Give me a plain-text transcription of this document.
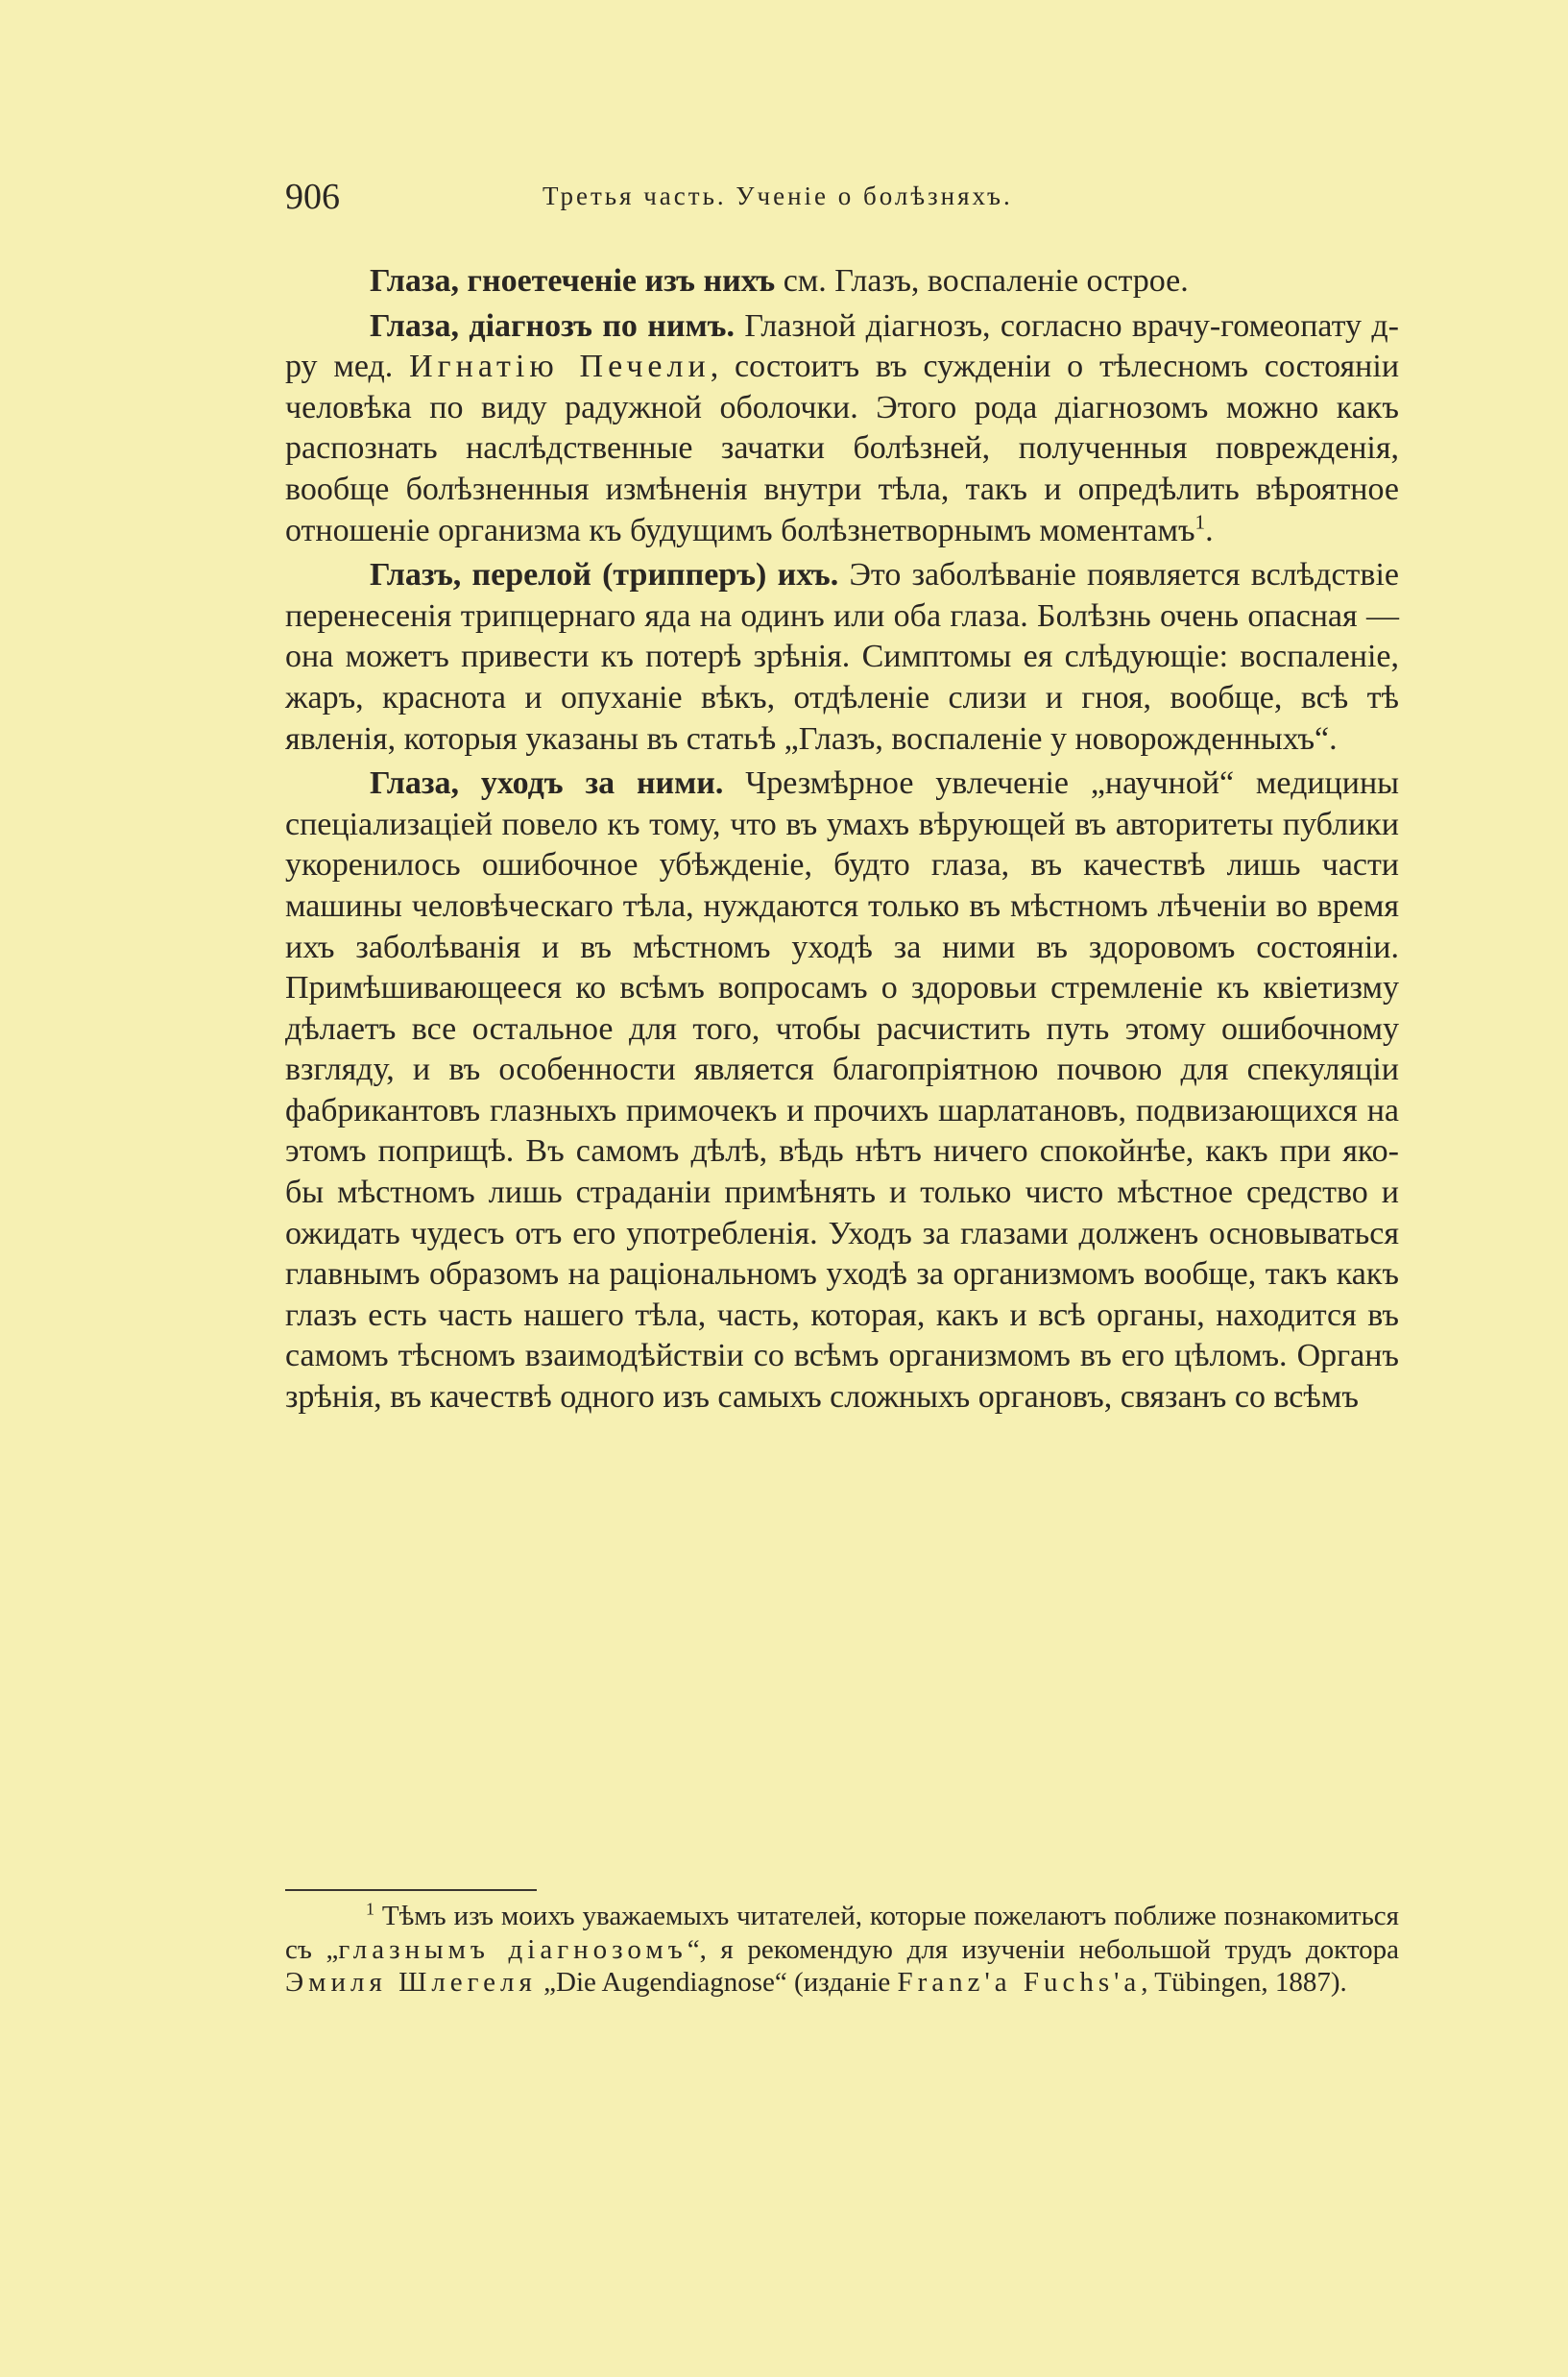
906	Третья часть. Ученiе о болѣзняхъ.

Глаза, гноетеченiе изъ нихъ см. Глазъ, воспаленiе острое.

Глаза, дiагнозъ по нимъ. Глазной дiагнозъ, согласно врачу-гомеопату д-ру мед. Игнатiю Печели, состоитъ въ сужденiи о тѣлесномъ состоянiи человѣка по виду радужной оболочки. Этого рода дiагнозомъ можно какъ распознать наслѣдственные зачатки болѣзней, полученныя поврежденiя, вообще болѣзненныя измѣненiя внутри тѣла, такъ и опредѣлить вѣроятное отношенiе организма къ будущимъ болѣзнетворнымъ моментамъ$^1$.

Глазъ, перелой (трипперъ) ихъ. Это заболѣванiе появляется вслѣдствiе перенесенiя трипцернаго яда на одинъ или оба глаза. Болѣзнь очень опасная — она можетъ привести къ потерѣ зрѣнiя. Симптомы ея слѣдующiе: воспаленiе, жаръ, краснота и опуханiе вѣкъ, отдѣленiе слизи и гноя, вообще, всѣ тѣ явленiя, которыя указаны въ статьѣ „Глазъ, воспаленiе у новорожденныхъ“.

Глаза, уходъ за ними. Чрезмѣрное увлеченiе „научной“ медицины спецiализацiей повело къ тому, что въ умахъ вѣрующей въ авторитеты публики укоренилось ошибочное убѣжденiе, будто глаза, въ качествѣ лишь части машины человѣческаго тѣла, нуждаются только въ мѣстномъ лѣченiи во время ихъ заболѣванiя и въ мѣстномъ уходѣ за ними въ здоровомъ состоянiи. Примѣшивающееся ко всѣмъ вопросамъ о здоровьи стремленiе къ квiетизму дѣлаетъ все остальное для того, чтобы расчистить путь этому ошибочному взгляду, и въ особенности является благопрiятною почвою для спекуляцiи фабрикантовъ глазныхъ примочекъ и прочихъ шарлатановъ, подвизающихся на этомъ поприщѣ. Въ самомъ дѣлѣ, вѣдь нѣтъ ничего спокойнѣе, какъ при яко-бы мѣстномъ лишь страданiи примѣнять и только чисто мѣстное средство и ожидать чудесъ отъ его употребленiя. Уходъ за глазами долженъ основываться главнымъ образомъ на рацiональномъ уходѣ за организмомъ вообще, такъ какъ глазъ есть часть нашего тѣла, часть, которая, какъ и всѣ органы, находится въ самомъ тѣсномъ взаимодѣйствiи со всѣмъ организмомъ въ его цѣломъ. Органъ зрѣнiя, въ качествѣ одного изъ самыхъ сложныхъ органовъ, связанъ со всѣмъ

$^1$ Тѣмъ изъ моихъ уважаемыхъ читателей, которые пожелаютъ поближе познакомиться съ „глазнымъ дiагнозомъ“, я рекомендую для изученiи небольшой трудъ доктора Эмиля Шлегеля „Die Augendiagnose“ (изданiе Franz'a Fuchs'a, Tübingen, 1887).
